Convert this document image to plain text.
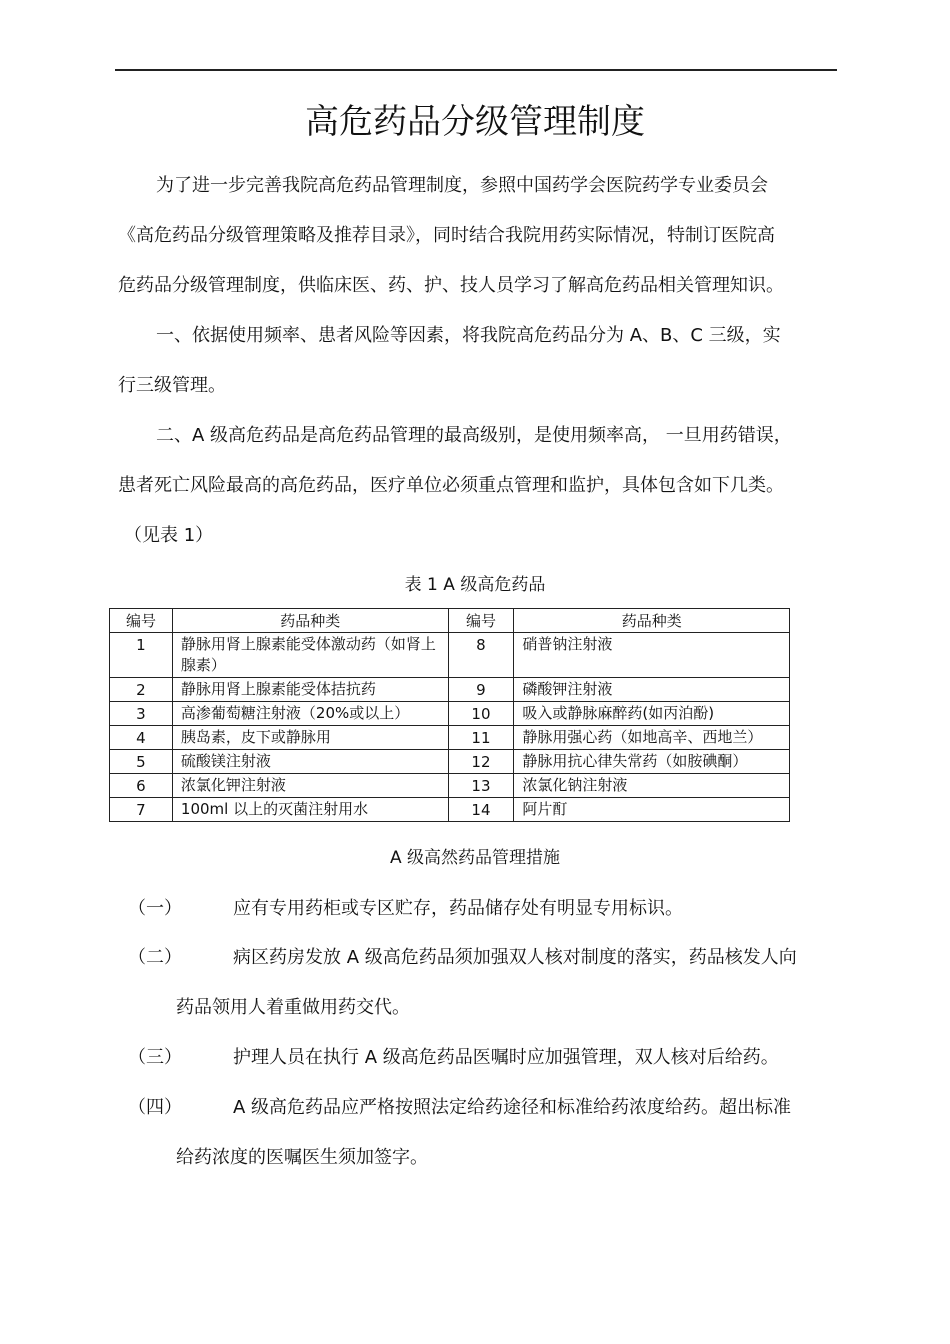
高危药品分级管理制度
为了进一步完善我院高危药品管理制度，参照中国药学会医院药学专业委员会
《高危药品分级管理策略及推荐目录》，同时结合我院用药实际情况，特制订医院高
危药品分级管理制度，供临床医、药、护、技人员学习了解高危药品相关管理知识。
一、依据使用频率、患者风险等因素，将我院高危药品分为 A、B、C 三级，实
行三级管理。
二、A 级高危药品是高危药品管理的最高级别，是使用频率高， 一旦用药错误，
患者死亡风险最高的高危药品，医疗单位必须重点管理和监护，具体包含如下几类。
（见表 1）
表 1 A 级高危药品
编号	药品种类	编号	药品种类
1	静脉用肾上腺素能受体激动药（如肾上腺素）	8	硝普钠注射液
2	静脉用肾上腺素能受体拮抗药	9	磷酸钾注射液
3	高渗葡萄糖注射液（20%或以上）	10	吸入或静脉麻醉药(如丙泊酚)
4	胰岛素，皮下或静脉用	11	静脉用强心药（如地高辛、西地兰）
5	硫酸镁注射液	12	静脉用抗心律失常药（如胺碘酮）
6	浓氯化钾注射液	13	浓氯化钠注射液
7	100ml 以上的灭菌注射用水	14	阿片酊
A 级高然药品管理措施
（一）	应有专用药柜或专区贮存，药品储存处有明显专用标识。
（二）	病区药房发放 A 级高危药品须加强双人核对制度的落实，药品核发人向
药品领用人着重做用药交代。
（三）	护理人员在执行 A 级高危药品医嘱时应加强管理，双人核对后给药。
（四）	A 级高危药品应严格按照法定给药途径和标准给药浓度给药。超出标准
给药浓度的医嘱医生须加签字。
